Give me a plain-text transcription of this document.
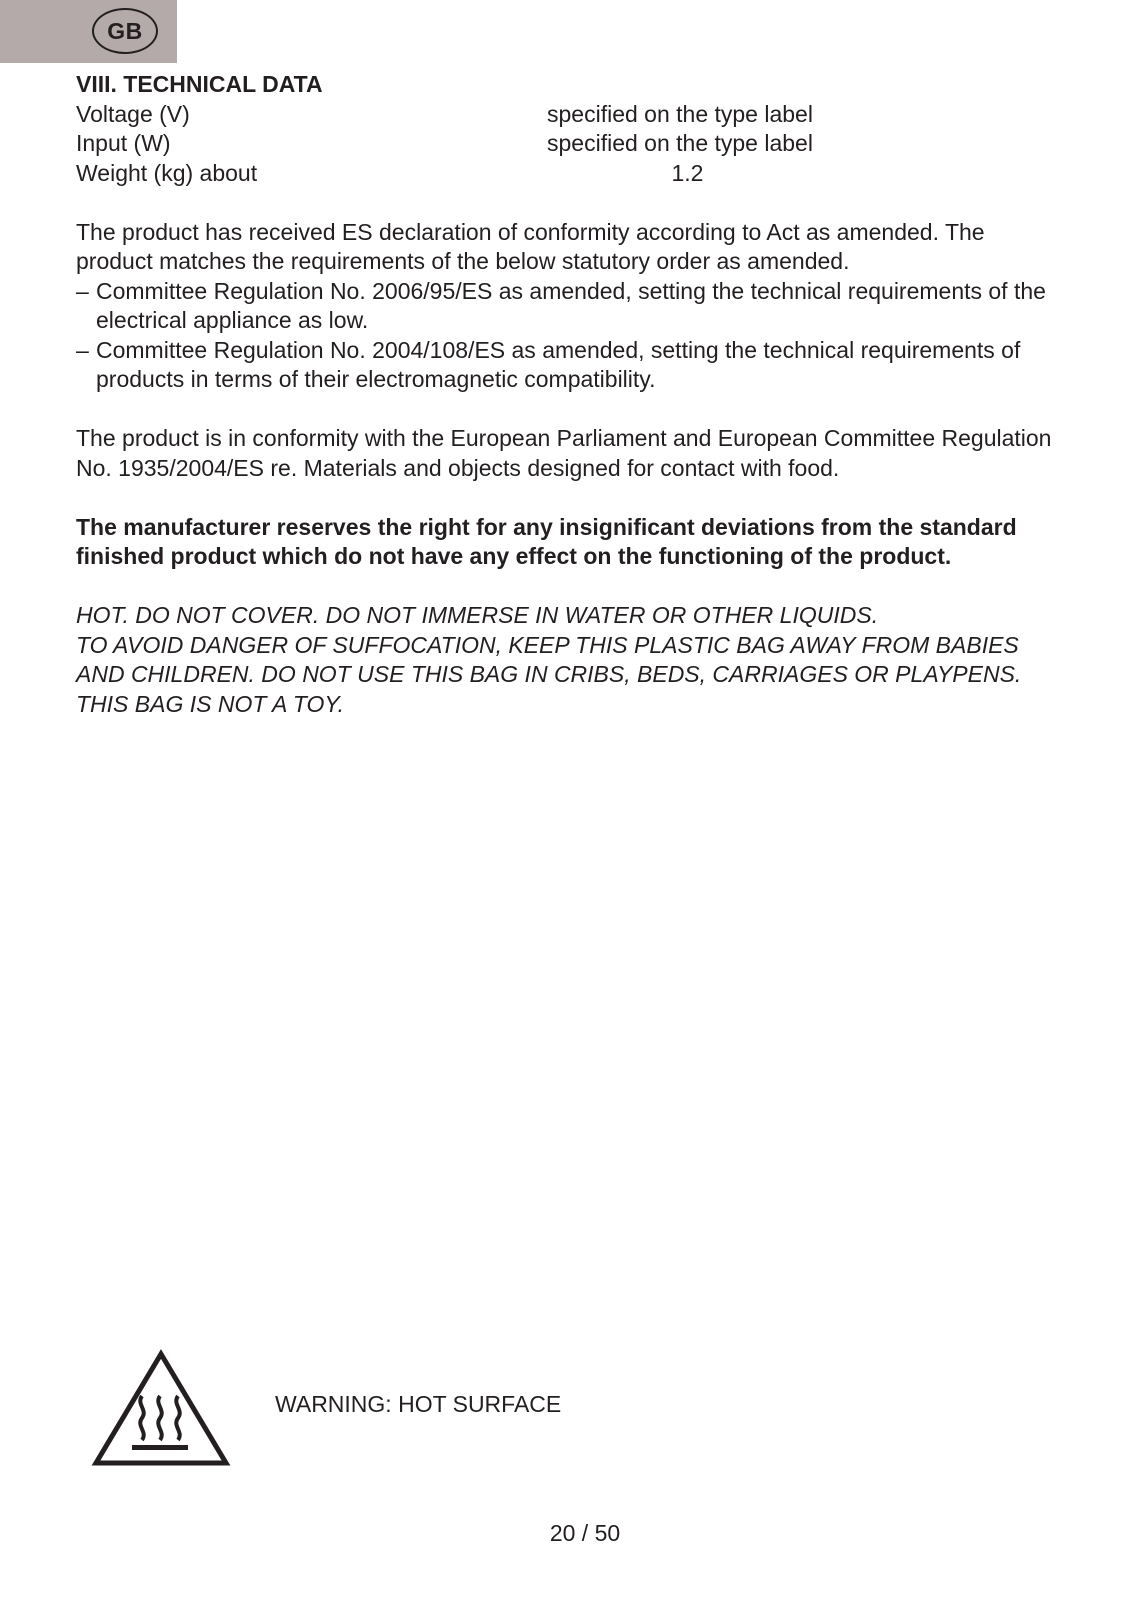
GB

VIII. TECHNICAL DATA

Voltage (V)	specified on the type label
Input (W)	specified on the type label
Weight (kg) about	1.2

The product has received ES declaration of conformity according to Act as amended. The product matches the requirements of the below statutory order as amended.

– Committee Regulation No. 2006/95/ES as amended, setting the technical requirements of the electrical appliance as low.
– Committee Regulation No. 2004/108/ES as amended, setting the technical requirements of products in terms of their electromagnetic compatibility.

The product is in conformity with the European Parliament and European Committee Regulation No. 1935/2004/ES re. Materials and objects designed for contact with food.

The manufacturer reserves the right for any insignificant deviations from the standard finished product which do not have any effect on the functioning of the product.

HOT. DO NOT COVER. DO NOT IMMERSE IN WATER OR OTHER LIQUIDS.

TO AVOID DANGER OF SUFFOCATION, KEEP THIS PLASTIC BAG AWAY FROM BABIES AND CHILDREN. DO NOT USE THIS BAG IN CRIBS, BEDS, CARRIAGES OR PLAYPENS. THIS BAG IS NOT A TOY.

WARNING: HOT SURFACE
20 / 50
